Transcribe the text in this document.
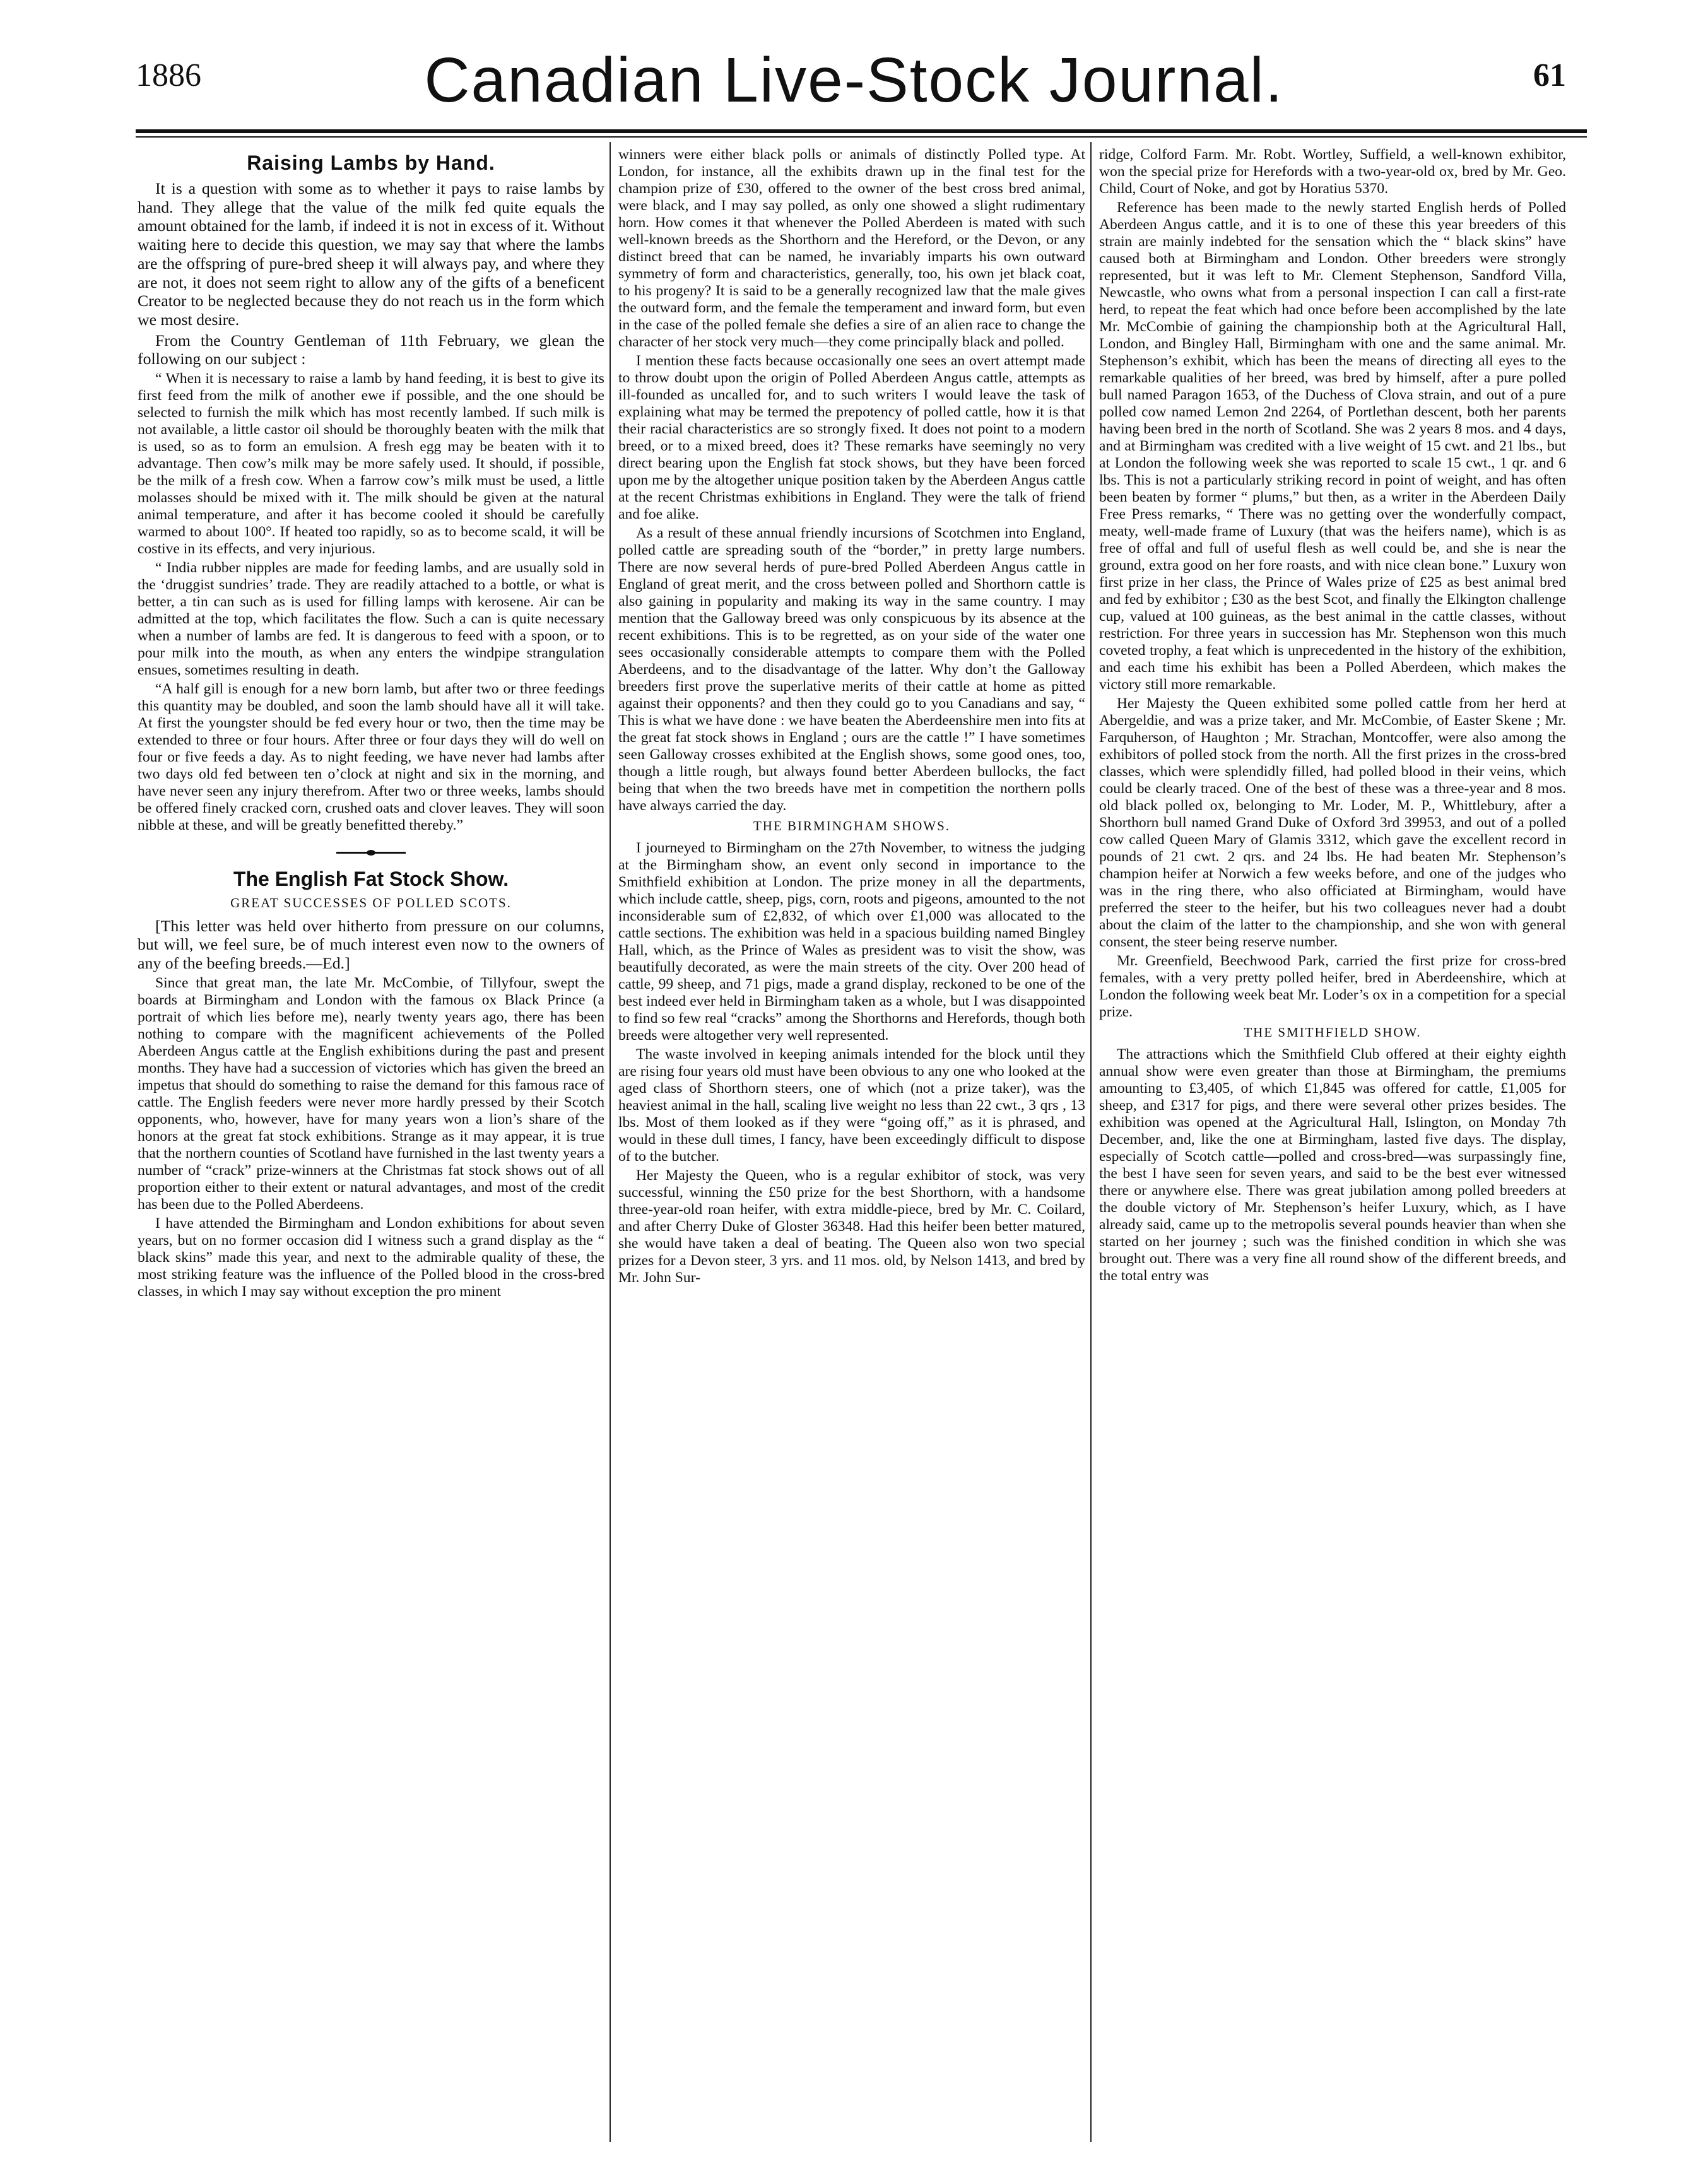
1886	Canadian Live-Stock Journal.	61
Raising Lambs by Hand.

It is a question with some as to whether it pays to raise lambs by hand. They allege that the value of the milk fed quite equals the amount obtained for the lamb, if indeed it is not in excess of it. Without waiting here to decide this question, we may say that where the lambs are the offspring of pure-bred sheep it will always pay, and where they are not, it does not seem right to allow any of the gifts of a beneficent Creator to be neglected because they do not reach us in the form which we most desire.

From the Country Gentleman of 11th February, we glean the following on our subject :

“ When it is necessary to raise a lamb by hand feeding, it is best to give its first feed from the milk of another ewe if possible, and the one should be selected to furnish the milk which has most recently lambed. If such milk is not available, a little castor oil should be thoroughly beaten with the milk that is used, so as to form an emulsion. A fresh egg may be beaten with it to advantage. Then cow’s milk may be more safely used. It should, if possible, be the milk of a fresh cow. When a farrow cow’s milk must be used, a little molasses should be mixed with it. The milk should be given at the natural animal temperature, and after it has become cooled it should be carefully warmed to about 100°. If heated too rapidly, so as to become scald, it will be costive in its effects, and very injurious.

“ India rubber nipples are made for feeding lambs, and are usually sold in the ‘druggist sundries’ trade. They are readily attached to a bottle, or what is better, a tin can such as is used for filling lamps with kerosene. Air can be admitted at the top, which facilitates the flow. Such a can is quite necessary when a number of lambs are fed. It is dangerous to feed with a spoon, or to pour milk into the mouth, as when any enters the windpipe strangulation ensues, sometimes resulting in death.

“A half gill is enough for a new born lamb, but after two or three feedings this quantity may be doubled, and soon the lamb should have all it will take. At first the youngster should be fed every hour or two, then the time may be extended to three or four hours. After three or four days they will do well on four or five feeds a day. As to night feeding, we have never had lambs after two days old fed between ten o’clock at night and six in the morning, and have never seen any injury therefrom. After two or three weeks, lambs should be offered finely cracked corn, crushed oats and clover leaves. They will soon nibble at these, and will be greatly benefitted thereby.”

The English Fat Stock Show.
GREAT SUCCESSES OF POLLED SCOTS.

[This letter was held over hitherto from pressure on our columns, but will, we feel sure, be of much interest even now to the owners of any of the beefing breeds.—Ed.]

Since that great man, the late Mr. McCombie, of Tillyfour, swept the boards at Birmingham and London with the famous ox Black Prince (a portrait of which lies before me), nearly twenty years ago, there has been nothing to compare with the magnificent achievements of the Polled Aberdeen Angus cattle at the English exhibitions during the past and present months. They have had a succession of victories which has given the breed an impetus that should do something to raise the demand for this famous race of cattle. The English feeders were never more hardly pressed by their Scotch opponents, who, however, have for many years won a lion’s share of the honors at the great fat stock exhibitions. Strange as it may appear, it is true that the northern counties of Scotland have furnished in the last twenty years a number of “crack” prize-winners at the Christmas fat stock shows out of all proportion either to their extent or natural advantages, and most of the credit has been due to the Polled Aberdeens.

I have attended the Birmingham and London exhibitions for about seven years, but on no former occasion did I witness such a grand display as the “ black skins” made this year, and next to the admirable quality of these, the most striking feature was the influence of the Polled blood in the cross-bred classes, in which I may say without exception the pro minent

winners were either black polls or animals of distinctly Polled type. At London, for instance, all the exhibits drawn up in the final test for the champion prize of £30, offered to the owner of the best cross bred animal, were black, and I may say polled, as only one showed a slight rudimentary horn. How comes it that whenever the Polled Aberdeen is mated with such well-known breeds as the Shorthorn and the Hereford, or the Devon, or any distinct breed that can be named, he invariably imparts his own outward symmetry of form and characteristics, generally, too, his own jet black coat, to his progeny? It is said to be a generally recognized law that the male gives the outward form, and the female the temperament and inward form, but even in the case of the polled female she defies a sire of an alien race to change the character of her stock very much—they come principally black and polled.

I mention these facts because occasionally one sees an overt attempt made to throw doubt upon the origin of Polled Aberdeen Angus cattle, attempts as ill-founded as uncalled for, and to such writers I would leave the task of explaining what may be termed the prepotency of polled cattle, how it is that their racial characteristics are so strongly fixed. It does not point to a modern breed, or to a mixed breed, does it? These remarks have seemingly no very direct bearing upon the English fat stock shows, but they have been forced upon me by the altogether unique position taken by the Aberdeen Angus cattle at the recent Christmas exhibitions in England. They were the talk of friend and foe alike.

As a result of these annual friendly incursions of Scotchmen into England, polled cattle are spreading south of the “border,” in pretty large numbers. There are now several herds of pure-bred Polled Aberdeen Angus cattle in England of great merit, and the cross between polled and Shorthorn cattle is also gaining in popularity and making its way in the same country. I may mention that the Galloway breed was only conspicuous by its absence at the recent exhibitions. This is to be regretted, as on your side of the water one sees occasionally considerable attempts to compare them with the Polled Aberdeens, and to the disadvantage of the latter. Why don’t the Galloway breeders first prove the superlative merits of their cattle at home as pitted against their opponents? and then they could go to you Canadians and say, “ This is what we have done : we have beaten the Aberdeenshire men into fits at the great fat stock shows in England ; ours are the cattle !” I have sometimes seen Galloway crosses exhibited at the English shows, some good ones, too, though a little rough, but always found better Aberdeen bullocks, the fact being that when the two breeds have met in competition the northern polls have always carried the day.

THE BIRMINGHAM SHOWS.

I journeyed to Birmingham on the 27th November, to witness the judging at the Birmingham show, an event only second in importance to the Smithfield exhibition at London. The prize money in all the departments, which include cattle, sheep, pigs, corn, roots and pigeons, amounted to the not inconsiderable sum of £2,832, of which over £1,000 was allocated to the cattle sections. The exhibition was held in a spacious building named Bingley Hall, which, as the Prince of Wales as president was to visit the show, was beautifully decorated, as were the main streets of the city. Over 200 head of cattle, 99 sheep, and 71 pigs, made a grand display, reckoned to be one of the best indeed ever held in Birmingham taken as a whole, but I was disappointed to find so few real “cracks” among the Shorthorns and Herefords, though both breeds were altogether very well represented.

The waste involved in keeping animals intended for the block until they are rising four years old must have been obvious to any one who looked at the aged class of Shorthorn steers, one of which (not a prize taker), was the heaviest animal in the hall, scaling live weight no less than 22 cwt., 3 qrs , 13 lbs. Most of them looked as if they were “going off,” as it is phrased, and would in these dull times, I fancy, have been exceedingly difficult to dispose of to the butcher.

Her Majesty the Queen, who is a regular exhibitor of stock, was very successful, winning the £50 prize for the best Shorthorn, with a handsome three-year-old roan heifer, with extra middle-piece, bred by Mr. C. Coilard, and after Cherry Duke of Gloster 36348. Had this heifer been better matured, she would have taken a deal of beating. The Queen also won two special prizes for a Devon steer, 3 yrs. and 11 mos. old, by Nelson 1413, and bred by Mr. John Sur-

ridge, Colford Farm. Mr. Robt. Wortley, Suffield, a well-known exhibitor, won the special prize for Herefords with a two-year-old ox, bred by Mr. Geo. Child, Court of Noke, and got by Horatius 5370.

Reference has been made to the newly started English herds of Polled Aberdeen Angus cattle, and it is to one of these this year breeders of this strain are mainly indebted for the sensation which the “ black skins” have caused both at Birmingham and London. Other breeders were strongly represented, but it was left to Mr. Clement Stephenson, Sandford Villa, Newcastle, who owns what from a personal inspection I can call a first-rate herd, to repeat the feat which had once before been accomplished by the late Mr. McCombie of gaining the championship both at the Agricultural Hall, London, and Bingley Hall, Birmingham with one and the same animal. Mr. Stephenson’s exhibit, which has been the means of directing all eyes to the remarkable qualities of her breed, was bred by himself, after a pure polled bull named Paragon 1653, of the Duchess of Clova strain, and out of a pure polled cow named Lemon 2nd 2264, of Portlethan descent, both her parents having been bred in the north of Scotland. She was 2 years 8 mos. and 4 days, and at Birmingham was credited with a live weight of 15 cwt. and 21 lbs., but at London the following week she was reported to scale 15 cwt., 1 qr. and 6 lbs. This is not a particularly striking record in point of weight, and has often been beaten by former “ plums,” but then, as a writer in the Aberdeen Daily Free Press remarks, “ There was no getting over the wonderfully compact, meaty, well-made frame of Luxury (that was the heifers name), which is as free of offal and full of useful flesh as well could be, and she is near the ground, extra good on her fore roasts, and with nice clean bone.” Luxury won first prize in her class, the Prince of Wales prize of £25 as best animal bred and fed by exhibitor ; £30 as the best Scot, and finally the Elkington challenge cup, valued at 100 guineas, as the best animal in the cattle classes, without restriction. For three years in succession has Mr. Stephenson won this much coveted trophy, a feat which is unprecedented in the history of the exhibition, and each time his exhibit has been a Polled Aberdeen, which makes the victory still more remarkable.

Her Majesty the Queen exhibited some polled cattle from her herd at Abergeldie, and was a prize taker, and Mr. McCombie, of Easter Skene ; Mr. Farquherson, of Haughton ; Mr. Strachan, Montcoffer, were also among the exhibitors of polled stock from the north. All the first prizes in the cross-bred classes, which were splendidly filled, had polled blood in their veins, which could be clearly traced. One of the best of these was a three-year and 8 mos. old black polled ox, belonging to Mr. Loder, M. P., Whittlebury, after a Shorthorn bull named Grand Duke of Oxford 3rd 39953, and out of a polled cow called Queen Mary of Glamis 3312, which gave the excellent record in pounds of 21 cwt. 2 qrs. and 24 lbs. He had beaten Mr. Stephenson’s champion heifer at Norwich a few weeks before, and one of the judges who was in the ring there, who also officiated at Birmingham, would have preferred the steer to the heifer, but his two colleagues never had a doubt about the claim of the latter to the championship, and she won with general consent, the steer being reserve number.

Mr. Greenfield, Beechwood Park, carried the first prize for cross-bred females, with a very pretty polled heifer, bred in Aberdeenshire, which at London the following week beat Mr. Loder’s ox in a competition for a special prize.

THE SMITHFIELD SHOW.

The attractions which the Smithfield Club offered at their eighty eighth annual show were even greater than those at Birmingham, the premiums amounting to £3,405, of which £1,845 was offered for cattle, £1,005 for sheep, and £317 for pigs, and there were several other prizes besides. The exhibition was opened at the Agricultural Hall, Islington, on Monday 7th December, and, like the one at Birmingham, lasted five days. The display, especially of Scotch cattle—polled and cross-bred—was surpassingly fine, the best I have seen for seven years, and said to be the best ever witnessed there or anywhere else. There was great jubilation among polled breeders at the double victory of Mr. Stephenson’s heifer Luxury, which, as I have already said, came up to the metropolis several pounds heavier than when she started on her journey ; such was the finished condition in which she was brought out. There was a very fine all round show of the different breeds, and the total entry was
